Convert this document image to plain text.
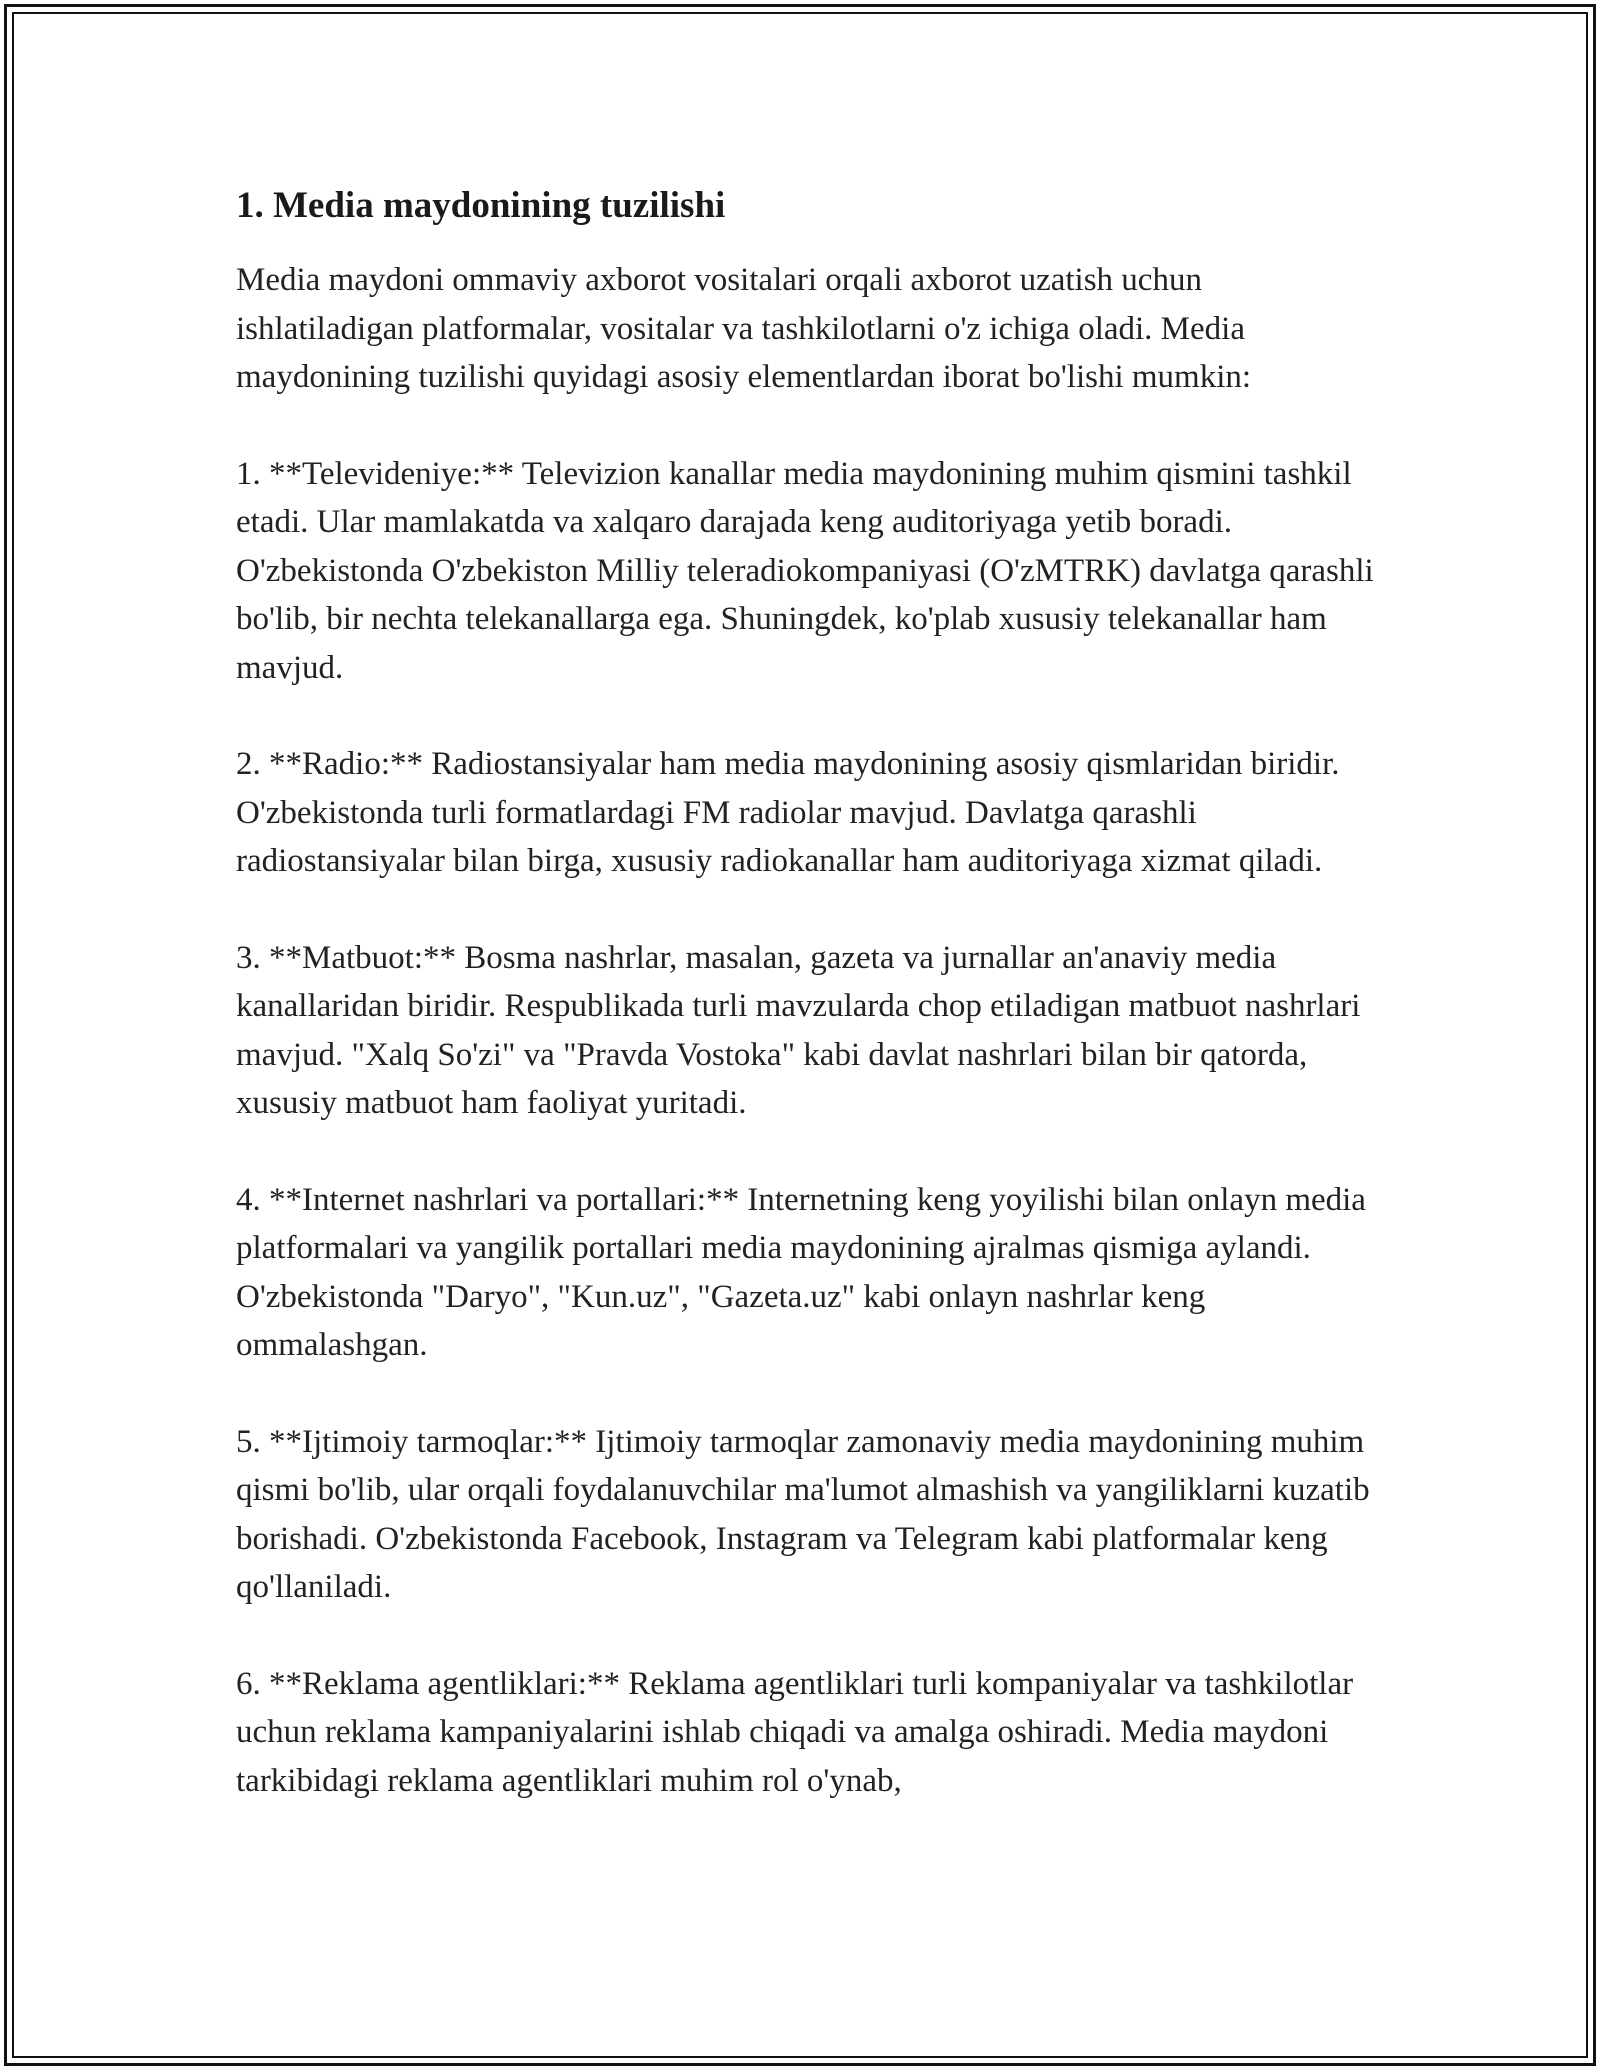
1. Media maydonining tuzilishi

Media maydoni ommaviy axborot vositalari orqali axborot uzatish uchun ishlatiladigan platformalar, vositalar va tashkilotlarni o'z ichiga oladi. Media maydonining tuzilishi quyidagi asosiy elementlardan iborat bo'lishi mumkin:

1. **Televideniye:** Televizion kanallar media maydonining muhim qismini tashkil etadi. Ular mamlakatda va xalqaro darajada keng auditoriyaga yetib boradi. O'zbekistonda O'zbekiston Milliy teleradiokompaniyasi (O'zMTRK) davlatga qarashli bo'lib, bir nechta telekanallarga ega. Shuningdek, ko'plab xususiy telekanallar ham mavjud.

2. **Radio:** Radiostansiyalar ham media maydonining asosiy qismlaridan biridir. O'zbekistonda turli formatlardagi FM radiolar mavjud. Davlatga qarashli radiostansiyalar bilan birga, xususiy radiokanallar ham auditoriyaga xizmat qiladi.

3. **Matbuot:** Bosma nashrlar, masalan, gazeta va jurnallar an'anaviy media kanallaridan biridir. Respublikada turli mavzularda chop etiladigan matbuot nashrlari mavjud. "Xalq So'zi" va "Pravda Vostoka" kabi davlat nashrlari bilan bir qatorda, xususiy matbuot ham faoliyat yuritadi.

4. **Internet nashrlari va portallari:** Internetning keng yoyilishi bilan onlayn media platformalari va yangilik portallari media maydonining ajralmas qismiga aylandi. O'zbekistonda "Daryo", "Kun.uz", "Gazeta.uz" kabi onlayn nashrlar keng ommalashgan.

5. **Ijtimoiy tarmoqlar:** Ijtimoiy tarmoqlar zamonaviy media maydonining muhim qismi bo'lib, ular orqali foydalanuvchilar ma'lumot almashish va yangiliklarni kuzatib borishadi. O'zbekistonda Facebook, Instagram va Telegram kabi platformalar keng qo'llaniladi.

6. **Reklama agentliklari:** Reklama agentliklari turli kompaniyalar va tashkilotlar uchun reklama kampaniyalarini ishlab chiqadi va amalga oshiradi. Media maydoni tarkibidagi reklama agentliklari muhim rol o'ynab,
